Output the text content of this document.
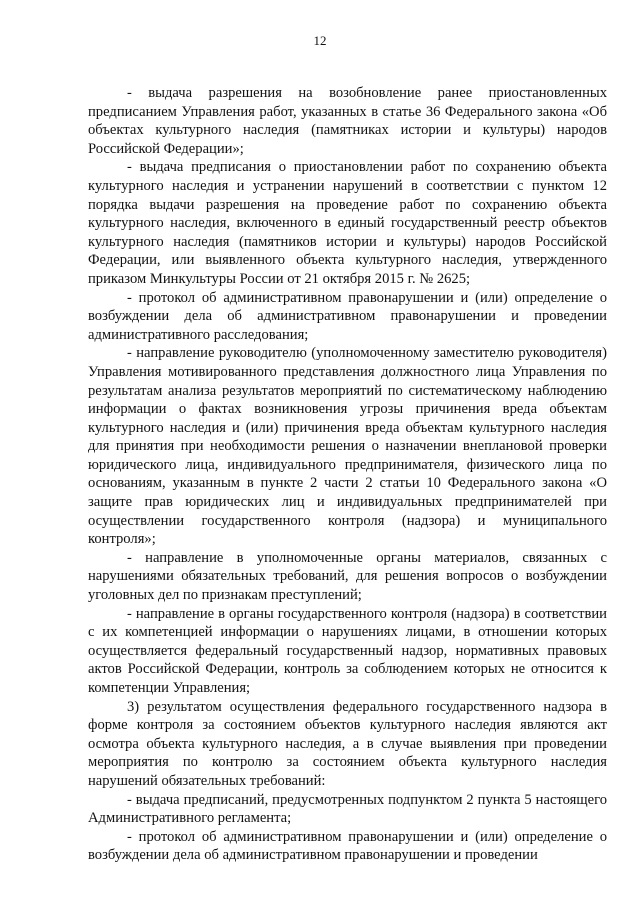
12

- выдача разрешения на возобновление ранее приостановленных предписанием Управления работ, указанных в статье 36 Федерального закона «Об объектах культурного наследия (памятниках истории и культуры) народов Российской Федерации»;

- выдача предписания о приостановлении работ по сохранению объекта культурного наследия и устранении нарушений в соответствии с пунктом 12 порядка выдачи разрешения на проведение работ по сохранению объекта культурного наследия, включенного в единый государственный реестр объектов культурного наследия (памятников истории и культуры) народов Российской Федерации, или выявленного объекта культурного наследия, утвержденного приказом Минкультуры России от 21 октября 2015 г. № 2625;

- протокол об административном правонарушении и (или) определение о возбуждении дела об административном правонарушении и проведении административного расследования;

- направление руководителю (уполномоченному заместителю руководителя) Управления мотивированного представления должностного лица Управления по результатам анализа результатов мероприятий по систематическому наблюдению информации о фактах возникновения угрозы причинения вреда объектам культурного наследия и (или) причинения вреда объектам культурного наследия для принятия при необходимости решения о назначении внеплановой проверки юридического лица, индивидуального предпринимателя, физического лица по основаниям, указанным в пункте 2 части 2 статьи 10 Федерального закона «О защите прав юридических лиц и индивидуальных предпринимателей при осуществлении государственного контроля (надзора) и муниципального контроля»;

- направление в уполномоченные органы материалов, связанных с нарушениями обязательных требований, для решения вопросов о возбуждении уголовных дел по признакам преступлений;

- направление в органы государственного контроля (надзора) в соответствии с их компетенцией информации о нарушениях лицами, в отношении которых осуществляется федеральный государственный надзор, нормативных правовых актов Российской Федерации, контроль за соблюдением которых не относится к компетенции Управления;

3) результатом осуществления федерального государственного надзора в форме контроля за состоянием объектов культурного наследия являются акт осмотра объекта культурного наследия, а в случае выявления при проведении мероприятия по контролю за состоянием объекта культурного наследия нарушений обязательных требований:

- выдача предписаний, предусмотренных подпунктом 2 пункта 5 настоящего Административного регламента;

- протокол об административном правонарушении и (или) определение о возбуждении дела об административном правонарушении и проведении
